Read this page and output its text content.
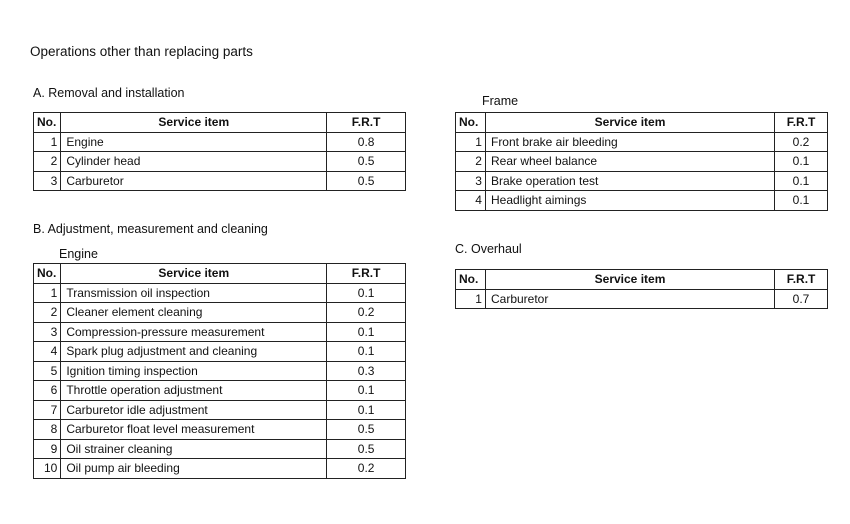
Operations other than replacing parts
A. Removal and installation
No.	Service item	F.R.T
1	Engine	0.8
2	Cylinder head	0.5
3	Carburetor	0.5
Frame
No.	Service item	F.R.T
1	Front brake air bleeding	0.2
2	Rear wheel balance	0.1
3	Brake operation test	0.1
4	Headlight aimings	0.1
B. Adjustment, measurement and cleaning
Engine
No.	Service item	F.R.T
1	Transmission oil inspection	0.1
2	Cleaner element cleaning	0.2
3	Compression-pressure measurement	0.1
4	Spark plug adjustment and cleaning	0.1
5	Ignition timing inspection	0.3
6	Throttle operation adjustment	0.1
7	Carburetor idle adjustment	0.1
8	Carburetor float level measurement	0.5
9	Oil strainer cleaning	0.5
10	Oil pump air bleeding	0.2
C. Overhaul
No.	Service item	F.R.T
1	Carburetor	0.7
